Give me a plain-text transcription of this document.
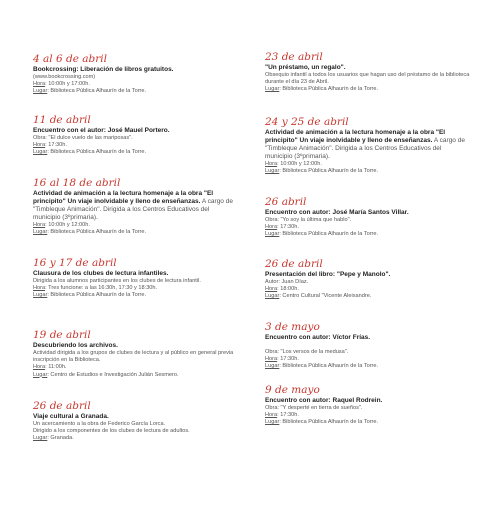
4 al 6 de abril
Bookcrossing: Liberación de libros gratuitos.
(www.bookcrossing.com)
Hora: 10:00h y 17:00h.
Lugar: Biblioteca Pública Alhaurín de la Torre.
11 de abril
Encuentro con el autor: José Mauel Portero.
Obra: "El dulce vuelo de las mariposas".
Hora: 17:30h.
Lugar: Biblioteca Pública Alhaurín de la Torre.
16 al 18 de abril
Actividad de animación a la lectura homenaje a la obra "El principito" Un viaje inolvidable y lleno de enseñanzas. A cargo de "Timbleque Animación". Dirigida a los Centros Educativos del municipio (3ºprimaria).
Hora: 10:00h y 12:00h.
Lugar: Biblioteca Pública Alhaurín de la Torre.
16 y 17 de abril
Clausura de los clubes de lectura infantiles.
Dirigida a los alumnos participantes en los clubes de lectura infantil.
Hora: Tres funcione: a las 16:30h, 17:30 y 18:30h.
Lugar: Biblioteca Pública Alhaurín de la Torre.
19 de abril
Descubriendo los archivos.
Actividad dirigida a los grupos de clubes de lectura y al público en general previa inscripción en la Biblioteca.
Hora: 11:00h.
Lugar: Centro de Estudios e Investigación Julián Sesmero.
26 de abril
Viaje cultural a Granada.
Un acercamiento a la obra de Federico García Lorca.
Dirigido a los componentes de los clubes de lectura de adultos.
Lugar: Granada.
23 de abril
"Un préstamo, un regalo".
Obsequio infantil a todos los usuarios que hagan uso del préstamo de la biblioteca durante el día 23 de Abril.
Lugar: Biblioteca Pública Alhaurín de la Torre.
24 y 25 de abril
Actividad de animación a la lectura homenaje a la obra "El principito" Un viaje inolvidable y lleno de enseñanzas. A cargo de "Timbleque Animación". Dirigida a los Centros Educativos del municipio (3ºprimaria).
Hora: 10:00h y 12:00h.
Lugar: Biblioteca Pública Alhaurín de la Torre.
26 abril
Encuentro con autor: José María Santos Villar.
Obra: "Yo soy la última que hablo".
Hora: 17:30h.
Lugar: Biblioteca Pública Alhaurín de la Torre.
26 de abril
Presentación del libro: "Pepe y Manolo".
Autor: Juan Díaz.
Hora: 18:00h.
Lugar: Centro Cultural "Vicente Aleixandre.
3 de mayo
Encuentro con autor: Víctor Frías.
Obra: "Los versos de la medusa".
Hora: 17:30h.
Lugar: Biblioteca Pública Alhaurín de la Torre.
9 de mayo
Encuentro con autor: Raquel Rodrein.
Obra: "Y desperté en tierra de sueños".
Hora: 17:30h.
Lugar: Biblioteca Pública Alhaurín de la Torre.
